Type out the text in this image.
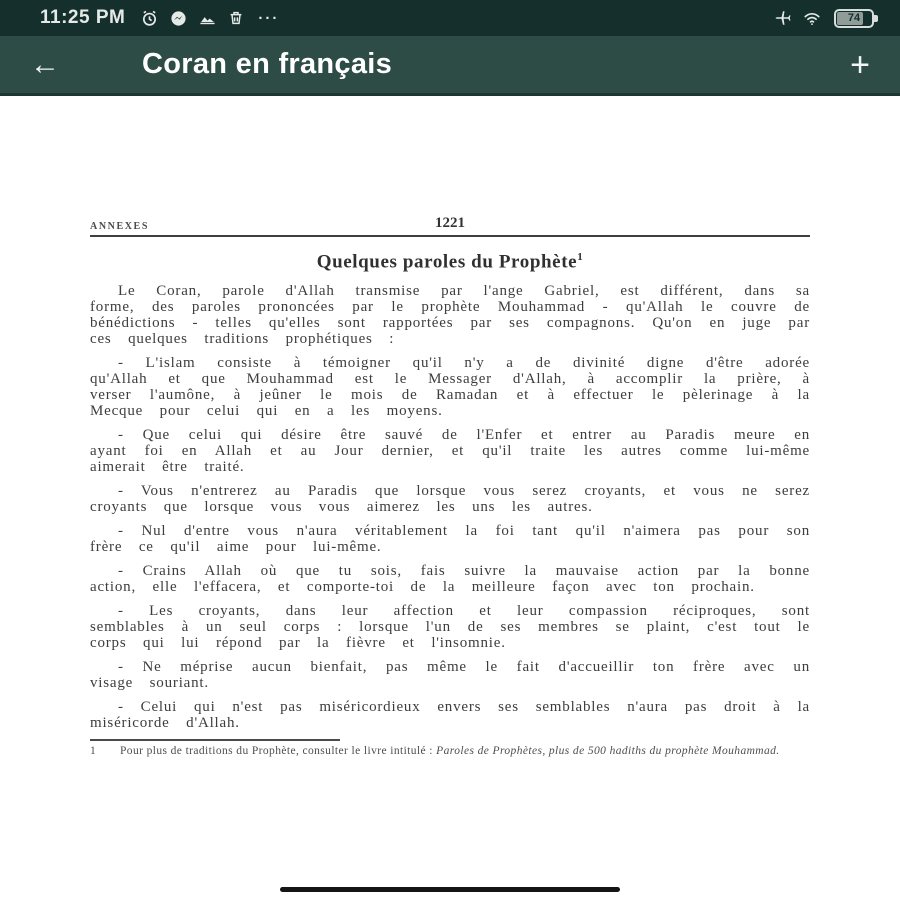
11:25 PM	···	74
←	Coran en français	+
ANNEXES	1221
Quelques paroles du Prophète$^1$

Le Coran, parole d'Allah transmise par l'ange Gabriel, est différent, dans sa forme, des paroles prononcées par le prophète Mouhammad - qu'Allah le couvre de bénédictions - telles qu'elles sont rapportées par ses compagnons. Qu'on en juge par ces quelques traditions prophétiques :

- L'islam consiste à témoigner qu'il n'y a de divinité digne d'être adorée qu'Allah et que Mouhammad est le Messager d'Allah, à accomplir la prière, à verser l'aumône, à jeûner le mois de Ramadan et à effectuer le pèlerinage à la Mecque pour celui qui en a les moyens.

- Que celui qui désire être sauvé de l'Enfer et entrer au Paradis meure en ayant foi en Allah et au Jour dernier, et qu'il traite les autres comme lui-même aimerait être traité.

- Vous n'entrerez au Paradis que lorsque vous serez croyants, et vous ne serez croyants que lorsque vous vous aimerez les uns les autres.

- Nul d'entre vous n'aura véritablement la foi tant qu'il n'aimera pas pour son frère ce qu'il aime pour lui-même.

- Crains Allah où que tu sois, fais suivre la mauvaise action par la bonne action, elle l'effacera, et comporte-toi de la meilleure façon avec ton prochain.

- Les croyants, dans leur affection et leur compassion réciproques, sont semblables à un seul corps : lorsque l'un de ses membres se plaint, c'est tout le corps qui lui répond par la fièvre et l'insomnie.

- Ne méprise aucun bienfait, pas même le fait d'accueillir ton frère avec un visage souriant.

- Celui qui n'est pas miséricordieux envers ses semblables n'aura pas droit à la miséricorde d'Allah.

1	Pour plus de traditions du Prophète, consulter le livre intitulé : Paroles de Prophètes, plus de 500 hadiths du prophète Mouhammad.
